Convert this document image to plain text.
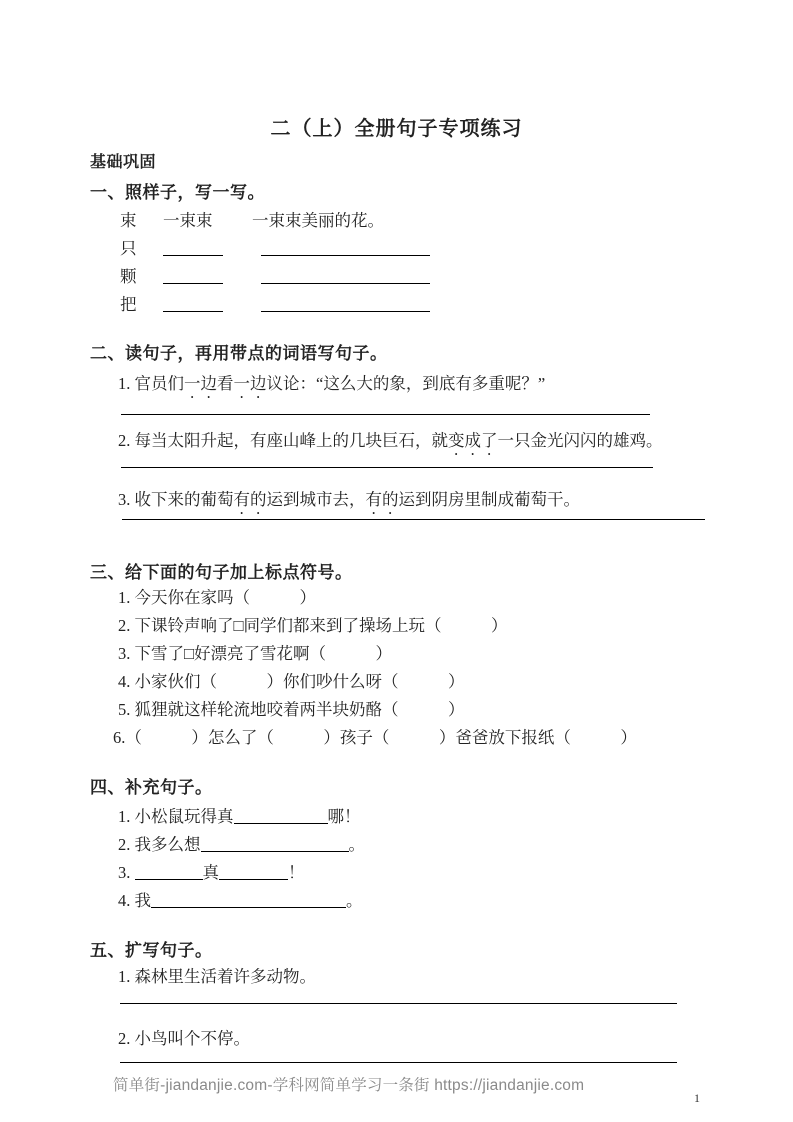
二（上）全册句子专项练习
基础巩固
一、照样子，写一写。
束 一束束 一束束美丽的花。
只
颗
把
二、读句子，再用带点的词语写句子。
1. 官员们一边看一边议论：“这么大的象，到底有多重呢？”
2. 每当太阳升起，有座山峰上的几块巨石，就变成了一只金光闪闪的雄鸡。
3. 收下来的葡萄有的运到城市去，有的运到阴房里制成葡萄干。
三、给下面的句子加上标点符号。
1. 今天你在家吗（　　　）
2. 下课铃声响了□同学们都来到了操场上玩（　　　）
3. 下雪了□好漂亮了雪花啊（　　　）
4. 小家伙们（　　　）你们吵什么呀（　　　）
5. 狐狸就这样轮流地咬着两半块奶酪（　　　）
6.（　　　）怎么了（　　　）孩子（　　　）爸爸放下报纸（　　　）
四、补充句子。
1. 小松鼠玩得真	哪！
2. 我多么想	。
3.	真	！
4. 我	。
五、扩写句子。
1. 森林里生活着许多动物。
2. 小鸟叫个不停。
简单街-jiandanjie.com-学科网简单学习一条街 https://jiandanjie.com
1
